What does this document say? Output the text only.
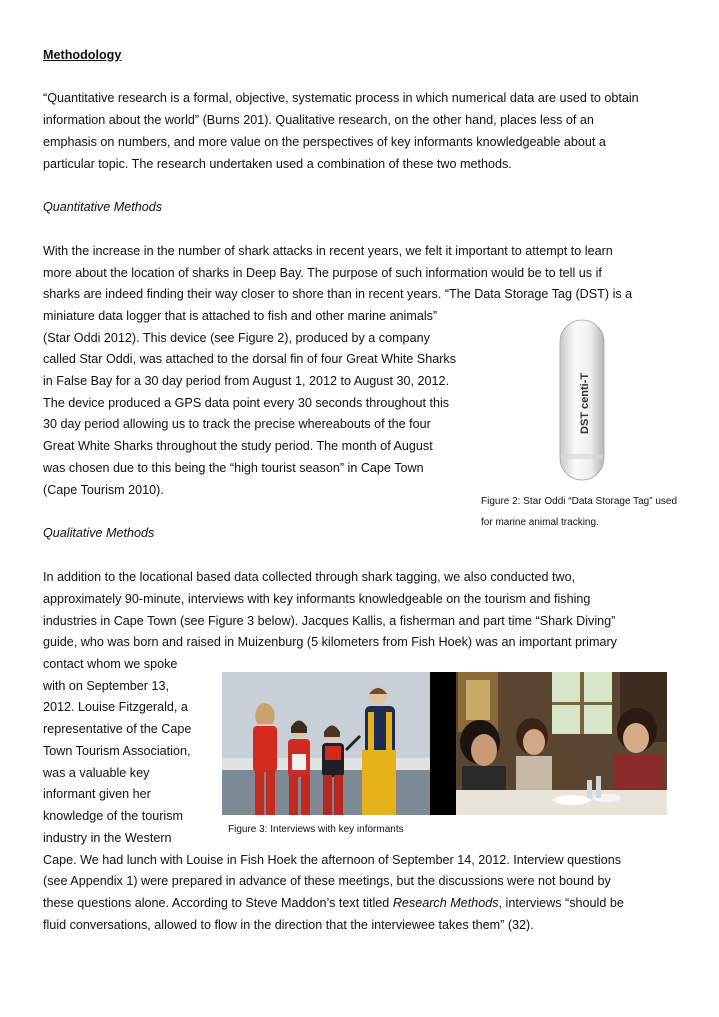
Methodology
“Quantitative research is a formal, objective, systematic process in which numerical data are used to obtain
information about the world” (Burns 201). Qualitative research, on the other hand, places less of an
emphasis on numbers, and more value on the perspectives of key informants knowledgeable about a
particular topic. The research undertaken used a combination of these two methods.
Quantitative Methods
With the increase in the number of shark attacks in recent years, we felt it important to attempt to learn
more about the location of sharks in Deep Bay. The purpose of such information would be to tell us if
sharks are indeed finding their way closer to shore than in recent years. “The Data Storage Tag (DST) is a
miniature data logger that is attached to fish and other marine animals”
(Star Oddi 2012). This device (see Figure 2), produced by a company
called Star Oddi, was attached to the dorsal fin of four Great White Sharks
in False Bay for a 30 day period from August 1, 2012 to August 30, 2012.
The device produced a GPS data point every 30 seconds throughout this
30 day period allowing us to track the precise whereabouts of the four
Great White Sharks throughout the study period. The month of August
was chosen due to this being the “high tourist season” in Cape Town
(Cape Tourism 2010).
DST centi-T
Figure 2: Star Oddi “Data Storage Tag” used
for marine animal tracking.
Qualitative Methods
In addition to the locational based data collected through shark tagging, we also conducted two,
approximately 90-minute, interviews with key informants knowledgeable on the tourism and fishing
industries in Cape Town (see Figure 3 below). Jacques Kallis, a fisherman and part time “Shark Diving”
guide, who was born and raised in Muizenburg (5 kilometers from Fish Hoek) was an important primary
contact whom we spoke
with on September 13,
2012. Louise Fitzgerald, a
representative of the Cape
Town Tourism Association,
was a valuable key
informant given her
knowledge of the tourism
industry in the Western
Figure 3: Interviews with key informants
Cape. We had lunch with Louise in Fish Hoek the afternoon of September 14, 2012. Interview questions
(see Appendix 1) were prepared in advance of these meetings, but the discussions were not bound by
these questions alone. According to Steve Maddon’s text titled Research Methods, interviews “should be
fluid conversations, allowed to flow in the direction that the interviewee takes them” (32).
